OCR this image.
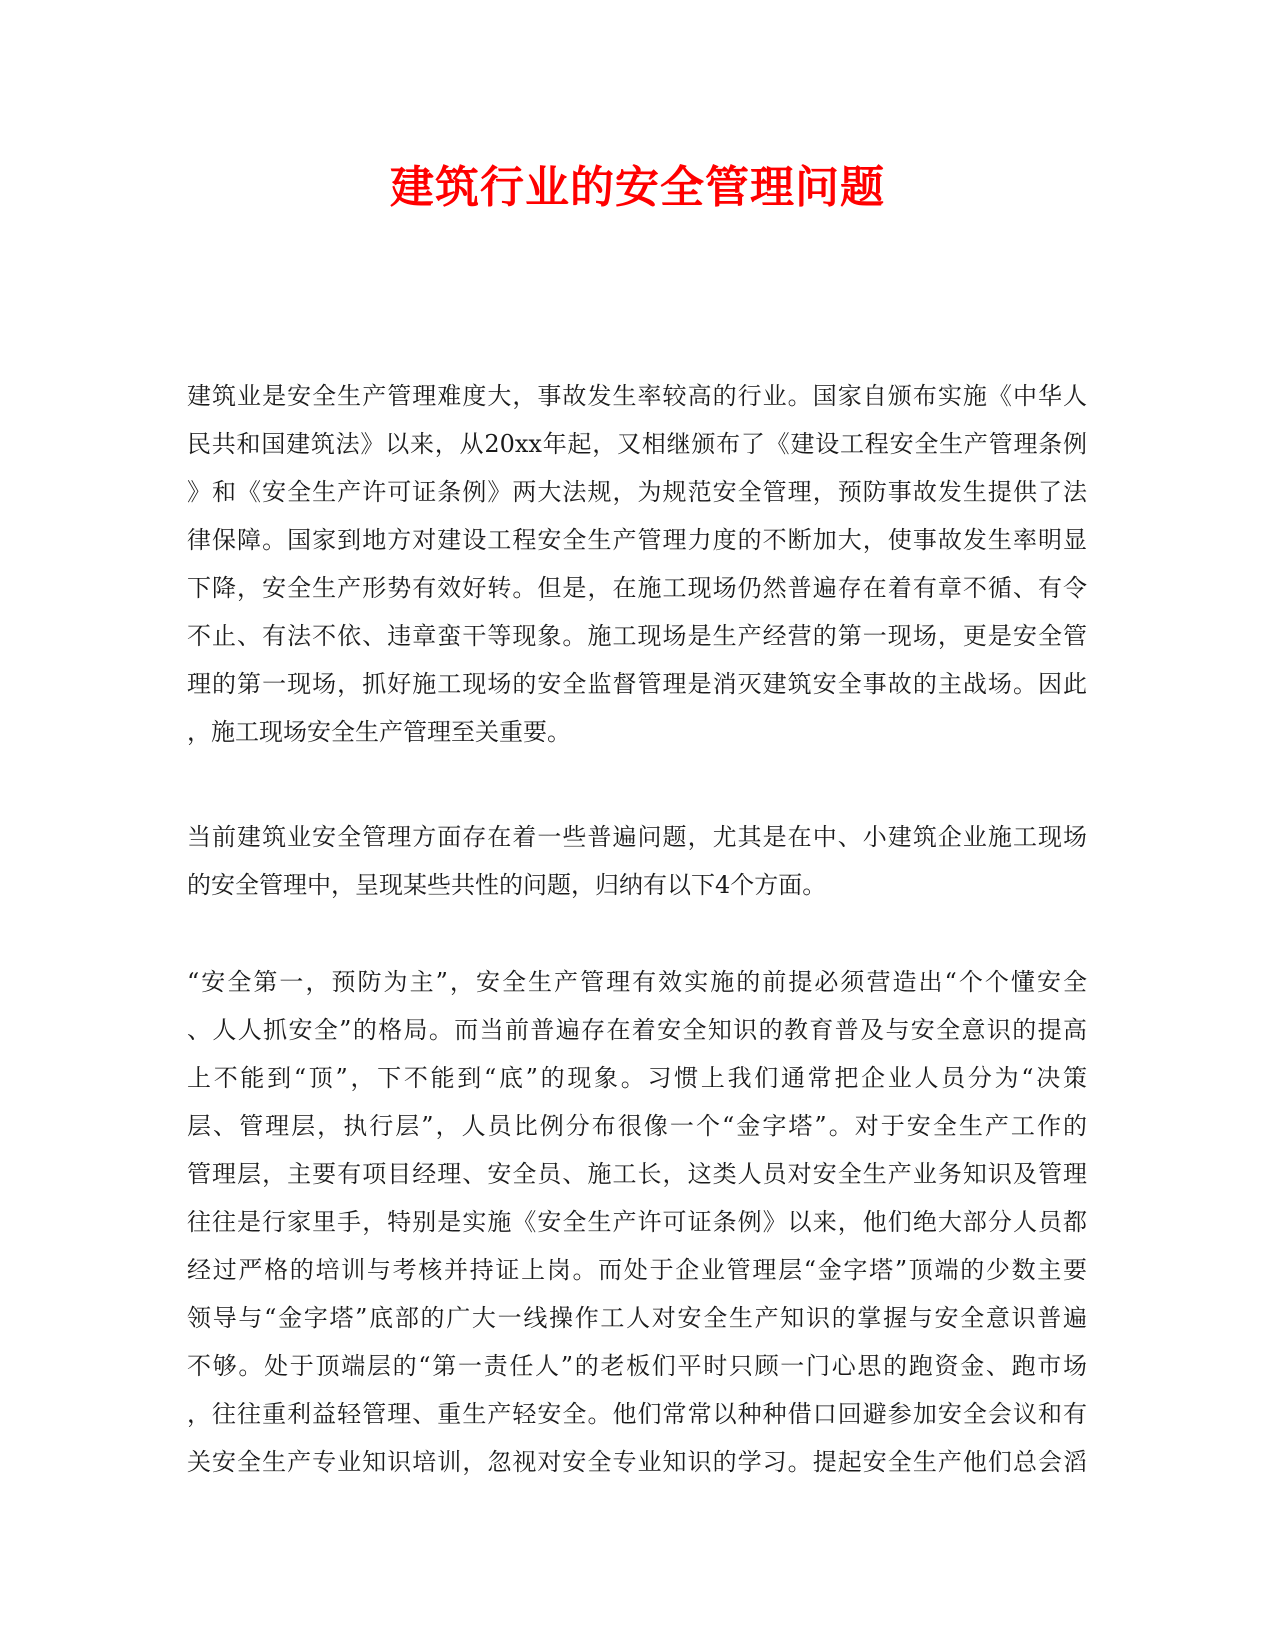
建筑行业的安全管理问题
建筑业是安全生产管理难度大，事故发生率较高的行业。国家自颁布实施《中华人
民共和国建筑法》以来，从20xx年起，又相继颁布了《建设工程安全生产管理条例
》和《安全生产许可证条例》两大法规，为规范安全管理，预防事故发生提供了法
律保障。国家到地方对建设工程安全生产管理力度的不断加大，使事故发生率明显
下降，安全生产形势有效好转。但是，在施工现场仍然普遍存在着有章不循、有令
不止、有法不依、违章蛮干等现象。施工现场是生产经营的第一现场，更是安全管
理的第一现场，抓好施工现场的安全监督管理是消灭建筑安全事故的主战场。因此
，施工现场安全生产管理至关重要。
当前建筑业安全管理方面存在着一些普遍问题，尤其是在中、小建筑企业施工现场
的安全管理中，呈现某些共性的问题，归纳有以下4个方面。
“安全第一，预防为主”，安全生产管理有效实施的前提必须营造出“个个懂安全
、人人抓安全”的格局。而当前普遍存在着安全知识的教育普及与安全意识的提高
上不能到“顶”，下不能到“底”的现象。习惯上我们通常把企业人员分为“决策
层、管理层，执行层”，人员比例分布很像一个“金字塔”。对于安全生产工作的
管理层，主要有项目经理、安全员、施工长，这类人员对安全生产业务知识及管理
往往是行家里手，特别是实施《安全生产许可证条例》以来，他们绝大部分人员都
经过严格的培训与考核并持证上岗。而处于企业管理层“金字塔”顶端的少数主要
领导与“金字塔”底部的广大一线操作工人对安全生产知识的掌握与安全意识普遍
不够。处于顶端层的“第一责任人”的老板们平时只顾一门心思的跑资金、跑市场
，往往重利益轻管理、重生产轻安全。他们常常以种种借口回避参加安全会议和有
关安全生产专业知识培训，忽视对安全专业知识的学习。提起安全生产他们总会滔
